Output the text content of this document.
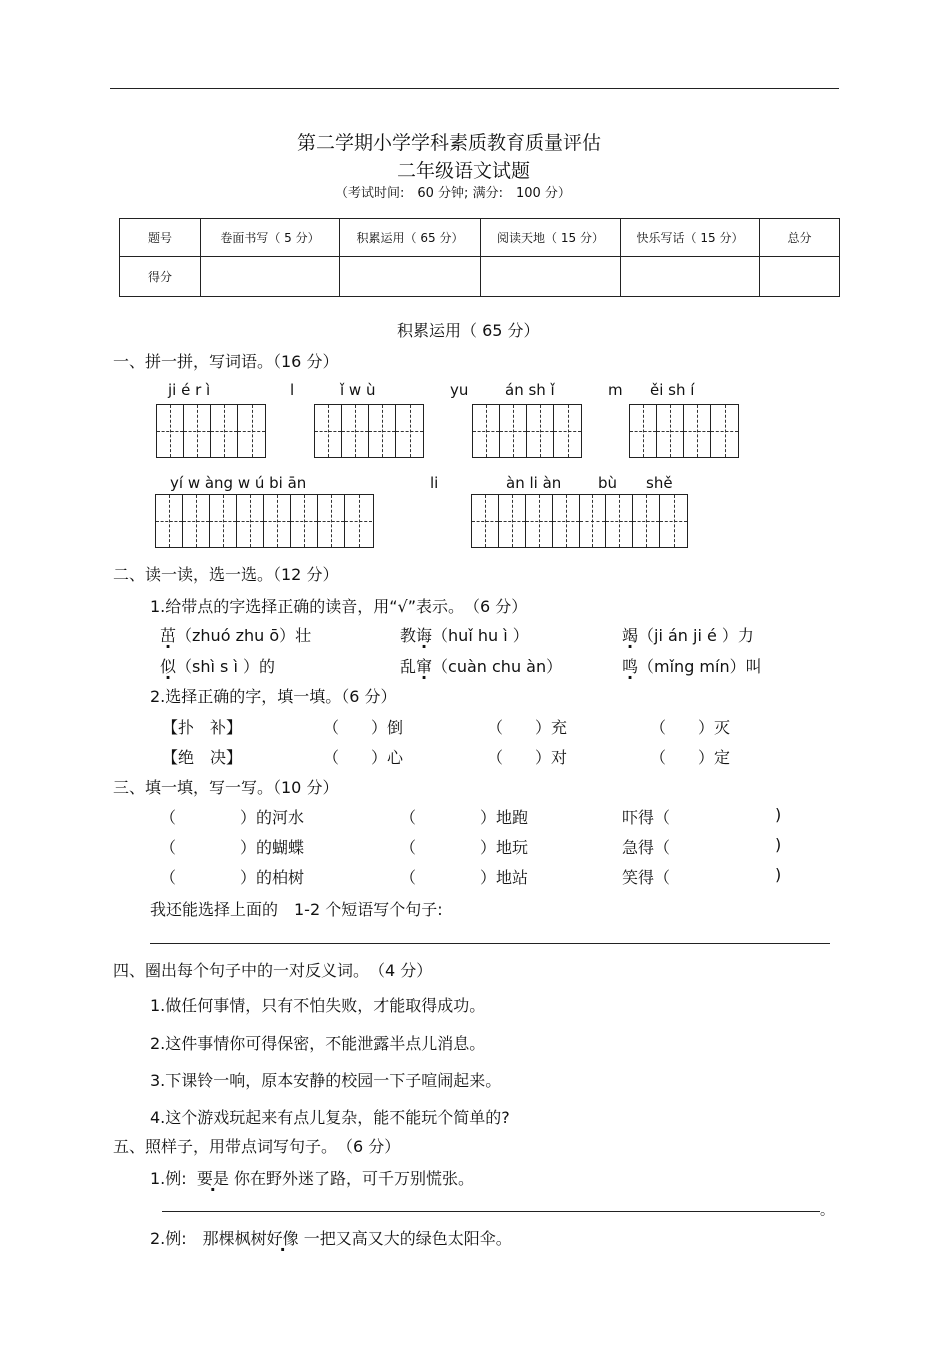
第二学期小学学科素质教育质量评估
二年级语文试题
（考试时间:　60 分钟; 满分:　100 分）
题号	卷面书写（ 5 分）	积累运用（ 65 分）	阅读天地（ 15 分）	快乐写话（ 15 分）	总分
得分					
积累运用（ 65 分）
一、拼一拼，写词语。（16 分）
ji é r ì	l	ǐ w ù	yu án sh ǐ	m ěi sh í
yí w àng w ú bi ān	li	àn li àn bù shě
二、读一读，选一选。（12 分）
1.给带点的字选择正确的读音，用“√”表示。　（6 分）
茁（zhuó zhu ō）壮	教诲（huǐ hu ì ）	竭（ji án ji é ）力
似（shì s ì ）的	乱窜（cuàn chu àn）	鸣（mǐng mín）叫
2.选择正确的字，填一填。（6 分）
【扑　补】	（　　）倒	（　　）充	（　　）灭
【绝　决】	（　　）心	（　　）对	（　　）定
三、填一填，写一写。（10 分）
（　　　　）的河水	（　　　　）地跑	吓得（	)
（　　　　）的蝴蝶	（　　　　）地玩	急得（	)
（　　　　）的柏树	（　　　　）地站	笑得（	)
我还能选择上面的　1-2 个短语写个句子:
四、圈出每个句子中的一对反义词。　（4 分）
1.做任何事情，只有不怕失败，才能取得成功。
2.这件事情你可得保密，不能泄露半点儿消息。
3.下课铃一响，原本安静的校园一下子喧闹起来。
4.这个游戏玩起来有点儿复杂，能不能玩个简单的?
五、照样子，用带点词写句子。　（6 分）
1.例: 要是 你在野外迷了路，可千万别慌张。
。
2.例:　那棵枫树好像 一把又高又大的绿色太阳伞。
